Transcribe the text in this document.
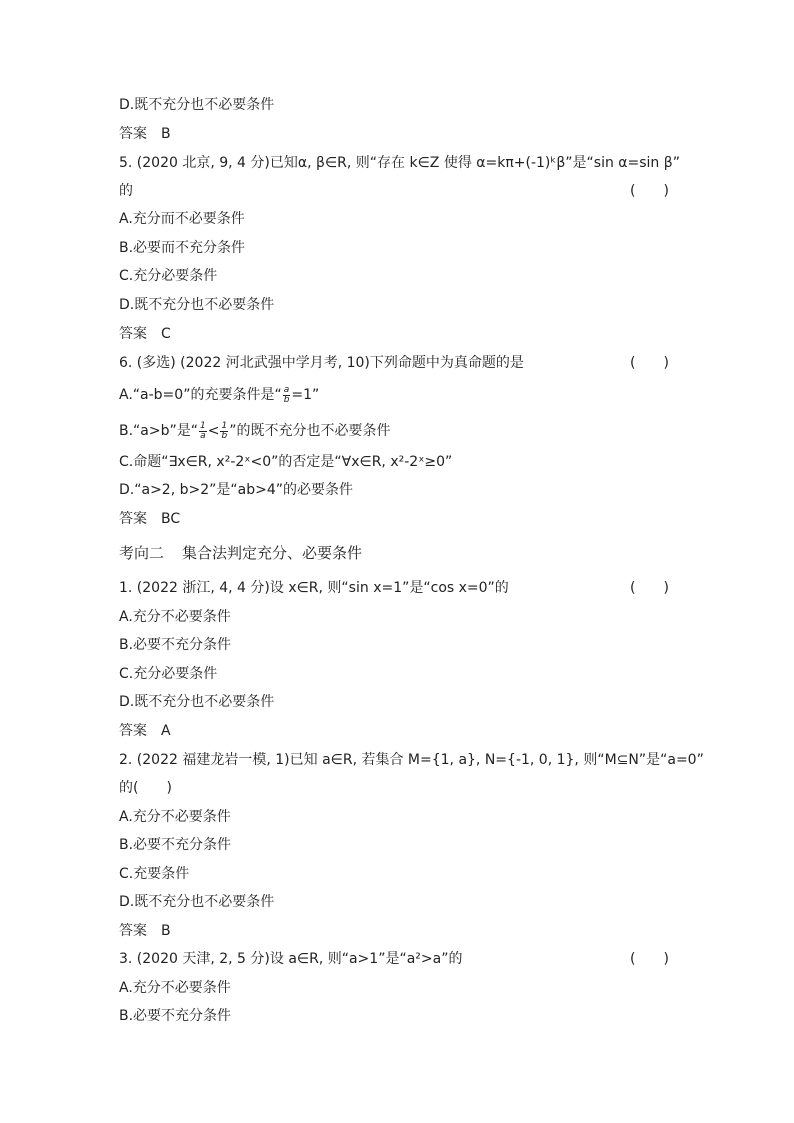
D.既不充分也不必要条件
答案 B
5. (2020 北京, 9, 4 分)已知α, β∈R, 则“存在 k∈Z 使得 α=kπ+(-1)ᵏβ”是“sin α=sin β”
的	(　　)
A.充分而不必要条件
B.必要而不充分条件
C.充分必要条件
D.既不充分也不必要条件
答案 C
6. (多选) (2022 河北武强中学月考, 10)下列命题中为真命题的是	(　　)
A.“a-b=0”的充要条件是“ $\frac{a}{b} =1$”
B.“a>b”是“ $\frac{1}{a} < \frac{1}{b}$ ”的既不充分也不必要条件
C.命题“∃x∈R, x²-2ˣ<0”的否定是“∀x∈R, x²-2ˣ≥0”
D.“a>2, b>2”是“ab>4”的必要条件
答案 BC
考向二 集合法判定充分、必要条件
1. (2022 浙江, 4, 4 分)设 x∈R, 则“sin x=1”是“cos x=0”的	(　　)
A.充分不必要条件
B.必要不充分条件
C.充分必要条件
D.既不充分也不必要条件
答案 A
2. (2022 福建龙岩一模, 1)已知 a∈R, 若集合 M={1, a}, N={-1, 0, 1}, 则“M⊆N”是“a=0”
的(　　)
A.充分不必要条件
B.必要不充分条件
C.充要条件
D.既不充分也不必要条件
答案 B
3. (2020 天津, 2, 5 分)设 a∈R, 则“a>1”是“a²>a”的	(　　)
A.充分不必要条件
B.必要不充分条件
